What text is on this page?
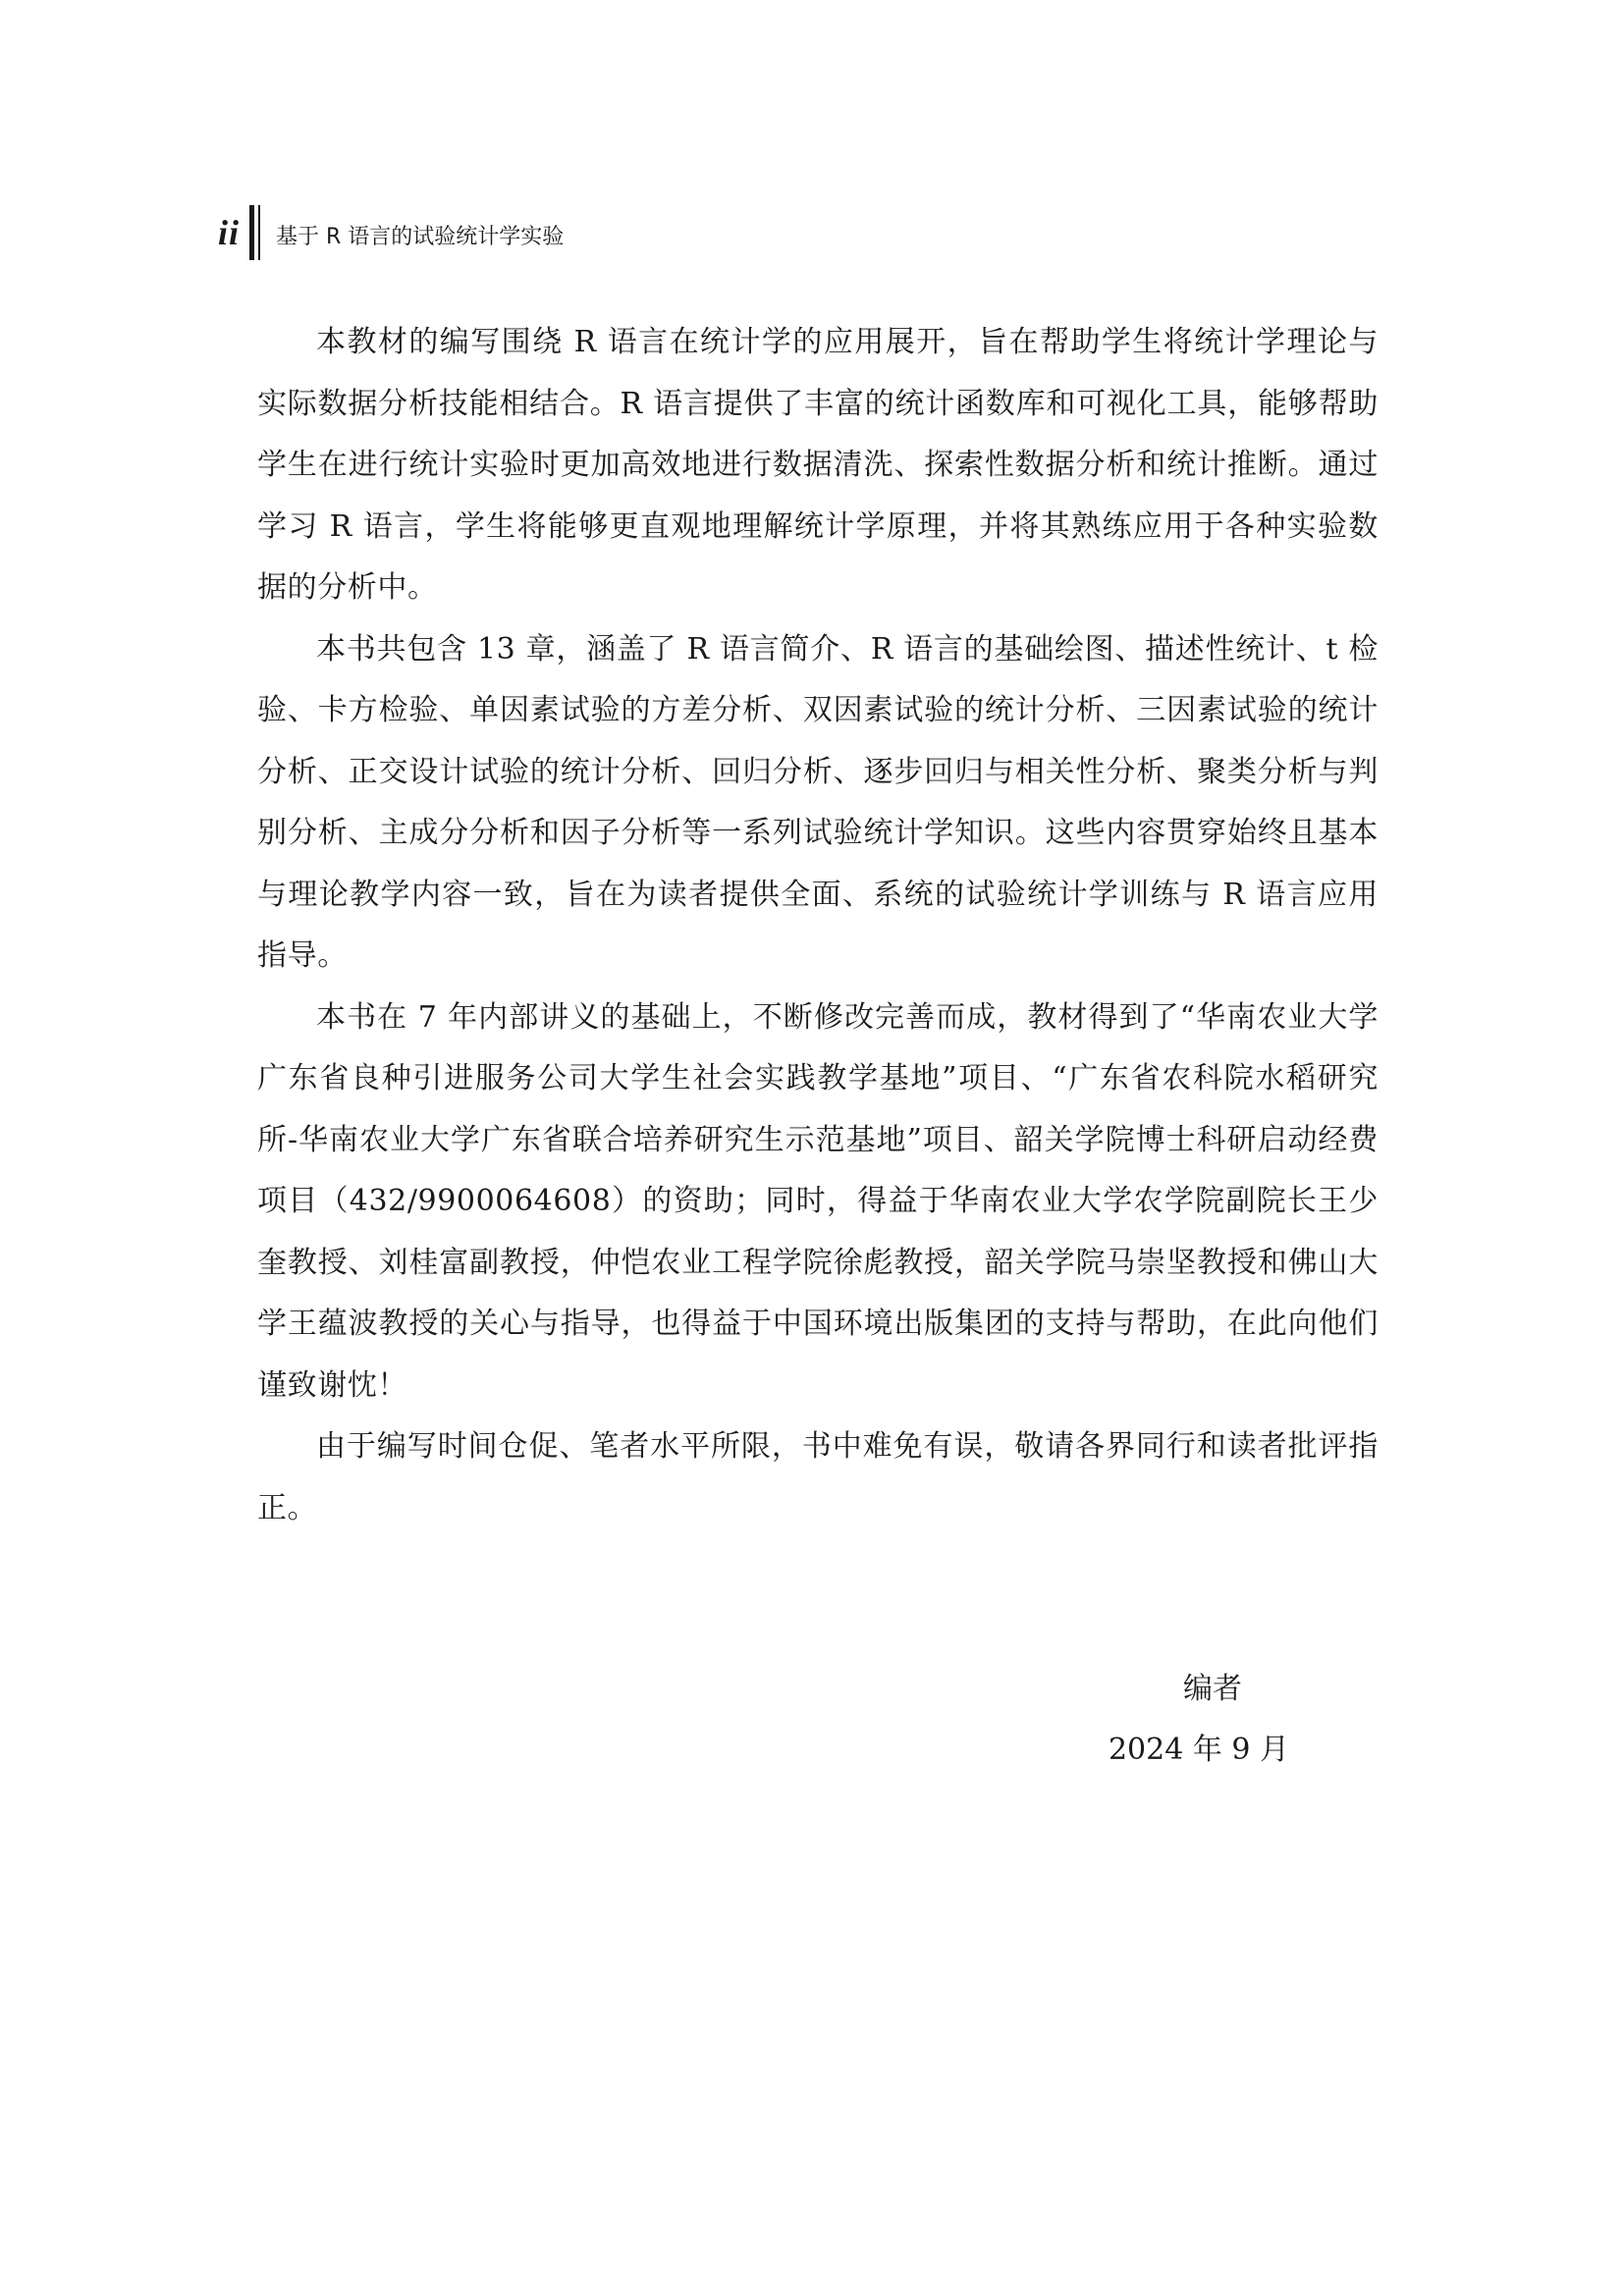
ii 基于 R 语言的试验统计学实验

本教材的编写围绕 R 语言在统计学的应用展开，旨在帮助学生将统计学理论与实际数据分析技能相结合。R 语言提供了丰富的统计函数库和可视化工具，能够帮助学生在进行统计实验时更加高效地进行数据清洗、探索性数据分析和统计推断。通过学习 R 语言，学生将能够更直观地理解统计学原理，并将其熟练应用于各种实验数据的分析中。

本书共包含 13 章，涵盖了 R 语言简介、R 语言的基础绘图、描述性统计、t 检验、卡方检验、单因素试验的方差分析、双因素试验的统计分析、三因素试验的统计分析、正交设计试验的统计分析、回归分析、逐步回归与相关性分析、聚类分析与判别分析、主成分分析和因子分析等一系列试验统计学知识。这些内容贯穿始终且基本与理论教学内容一致，旨在为读者提供全面、系统的试验统计学训练与 R 语言应用指导。

本书在 7 年内部讲义的基础上，不断修改完善而成，教材得到了“华南农业大学广东省良种引进服务公司大学生社会实践教学基地”项目、“广东省农科院水稻研究所-华南农业大学广东省联合培养研究生示范基地”项目、韶关学院博士科研启动经费项目（432/9900064608）的资助；同时，得益于华南农业大学农学院副院长王少奎教授、刘桂富副教授，仲恺农业工程学院徐彪教授，韶关学院马崇坚教授和佛山大学王蕴波教授的关心与指导，也得益于中国环境出版集团的支持与帮助，在此向他们谨致谢忱！

由于编写时间仓促、笔者水平所限，书中难免有误，敬请各界同行和读者批评指正。

编者
2024 年 9 月
